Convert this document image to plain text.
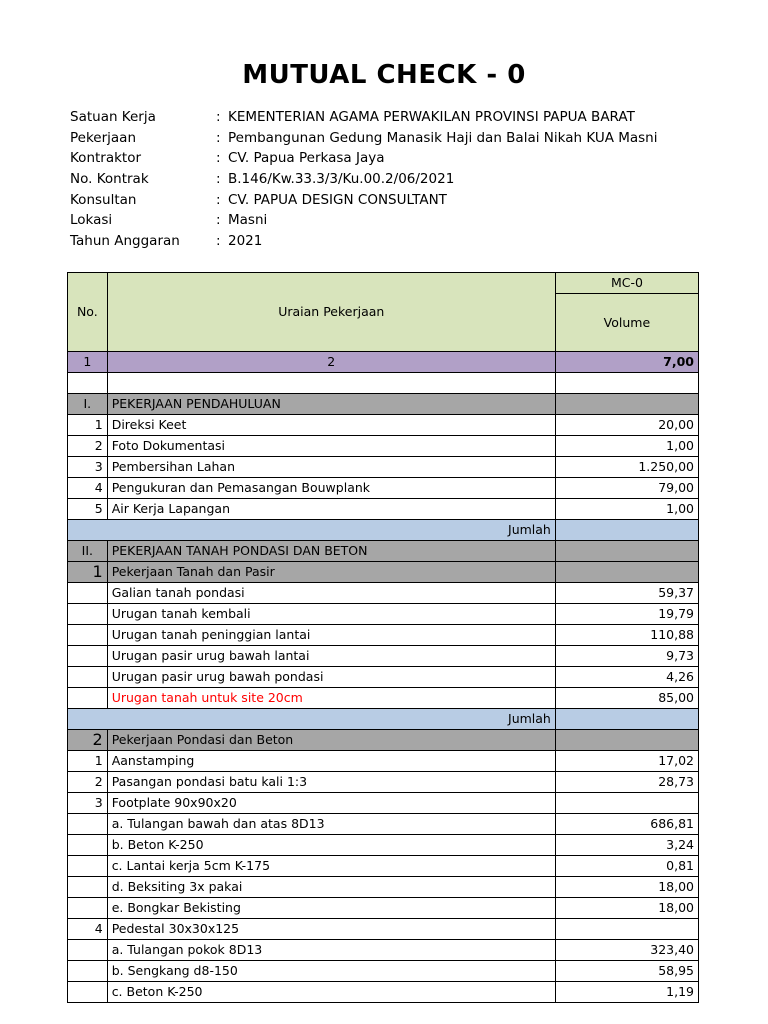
MUTUAL CHECK - 0
Satuan Kerja	: KEMENTERIAN AGAMA PERWAKILAN PROVINSI PAPUA BARAT
Pekerjaan	: Pembangunan Gedung Manasik Haji dan Balai Nikah KUA Masni
Kontraktor	: CV. Papua Perkasa Jaya
No. Kontrak	: B.146/Kw.33.3/3/Ku.00.2/06/2021
Konsultan	: CV. PAPUA DESIGN CONSULTANT
Lokasi	: Masni
Tahun Anggaran	: 2021
No.	Uraian Pekerjaan	MC-0
		Volume
1	2	7,00

I.	PEKERJAAN PENDAHULUAN	
1	Direksi Keet	20,00
2	Foto Dokumentasi	1,00
3	Pembersihan Lahan	1.250,00
4	Pengukuran dan Pemasangan Bouwplank	79,00
5	Air Kerja Lapangan	1,00
	Jumlah	
II.	PEKERJAAN TANAH PONDASI DAN BETON	
1	Pekerjaan Tanah dan Pasir	
	Galian tanah pondasi	59,37
	Urugan tanah kembali	19,79
	Urugan tanah peninggian lantai	110,88
	Urugan pasir urug bawah lantai	9,73
	Urugan pasir urug bawah pondasi	4,26
	Urugan tanah untuk site 20cm	85,00
	Jumlah	
2	Pekerjaan Pondasi dan Beton	
1	Aanstamping	17,02
2	Pasangan pondasi batu kali 1:3	28,73
3	Footplate 90x90x20	
	a. Tulangan bawah dan atas 8D13	686,81
	b. Beton K-250	3,24
	c. Lantai kerja 5cm K-175	0,81
	d. Beksiting 3x pakai	18,00
	e. Bongkar Bekisting	18,00
4	Pedestal 30x30x125	
	a. Tulangan pokok 8D13	323,40
	b. Sengkang d8-150	58,95
	c. Beton K-250	1,19
